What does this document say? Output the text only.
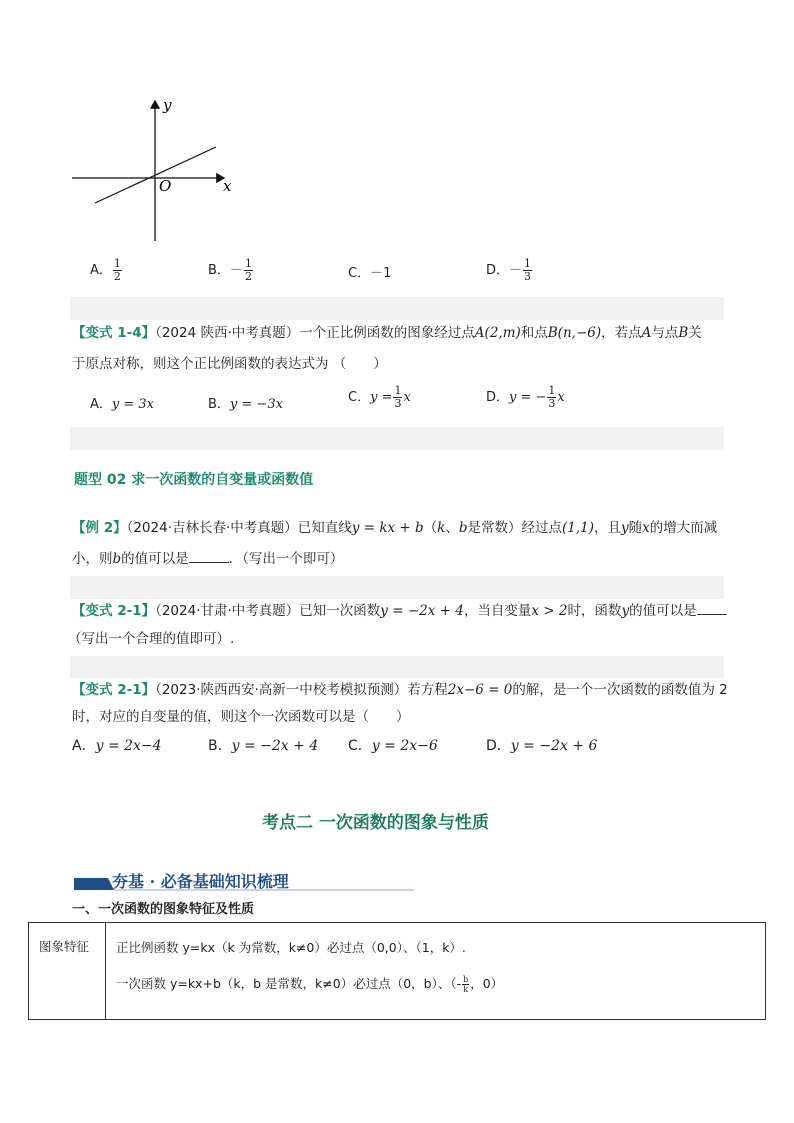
y
x
O
A． $\frac{1}{2}$	B．－ $\frac{1}{2}$	C．－1	D．－ $\frac{1}{3}$
【变式 1-4】（2024 陕西·中考真题）一个正比例函数的图象经过点A(2,m)和点B(n,−6)，若点A与点B关
于原点对称，则这个正比例函数的表达式为 （　　）
A．y = 3x	B．y = −3x	C．$y = \frac{1}{3}$ x	D．y = − $\frac{1}{3}$ x
题型 02 求一次函数的自变量或函数值
【例 2】（2024·吉林长春·中考真题）已知直线y = kx + b（k、b是常数）经过点(1,1)，且y随x的增大而减
小，则b的值可以是	．（写出一个即可）
【变式 2-1】（2024·甘肃·中考真题）已知一次函数y = −2x + 4，当自变量x > 2时，函数y的值可以是
（写出一个合理的值即可）.
【变式 2-1】（2023·陕西西安·高新一中校考模拟预测）若方程2x−6 = 0的解，是一个一次函数的函数值为 2
时，对应的自变量的值，则这个一次函数可以是（　　）
A．y = 2x−4	B．y = −2x + 4 C．y = 2x−6	D．y = −2x + 6
考点二 一次函数的图象与性质
夯基 · 必备基础知识梳理
一、一次函数的图象特征及性质
图象特征	正比例函数 y=kx（k 为常数，k≠0）必过点（0,0）、（1，k）.
一次函数 y=kx+b（k，b 是常数，k≠0）必过点（0，b）、（- $\frac{b}{k}$ ，0）
